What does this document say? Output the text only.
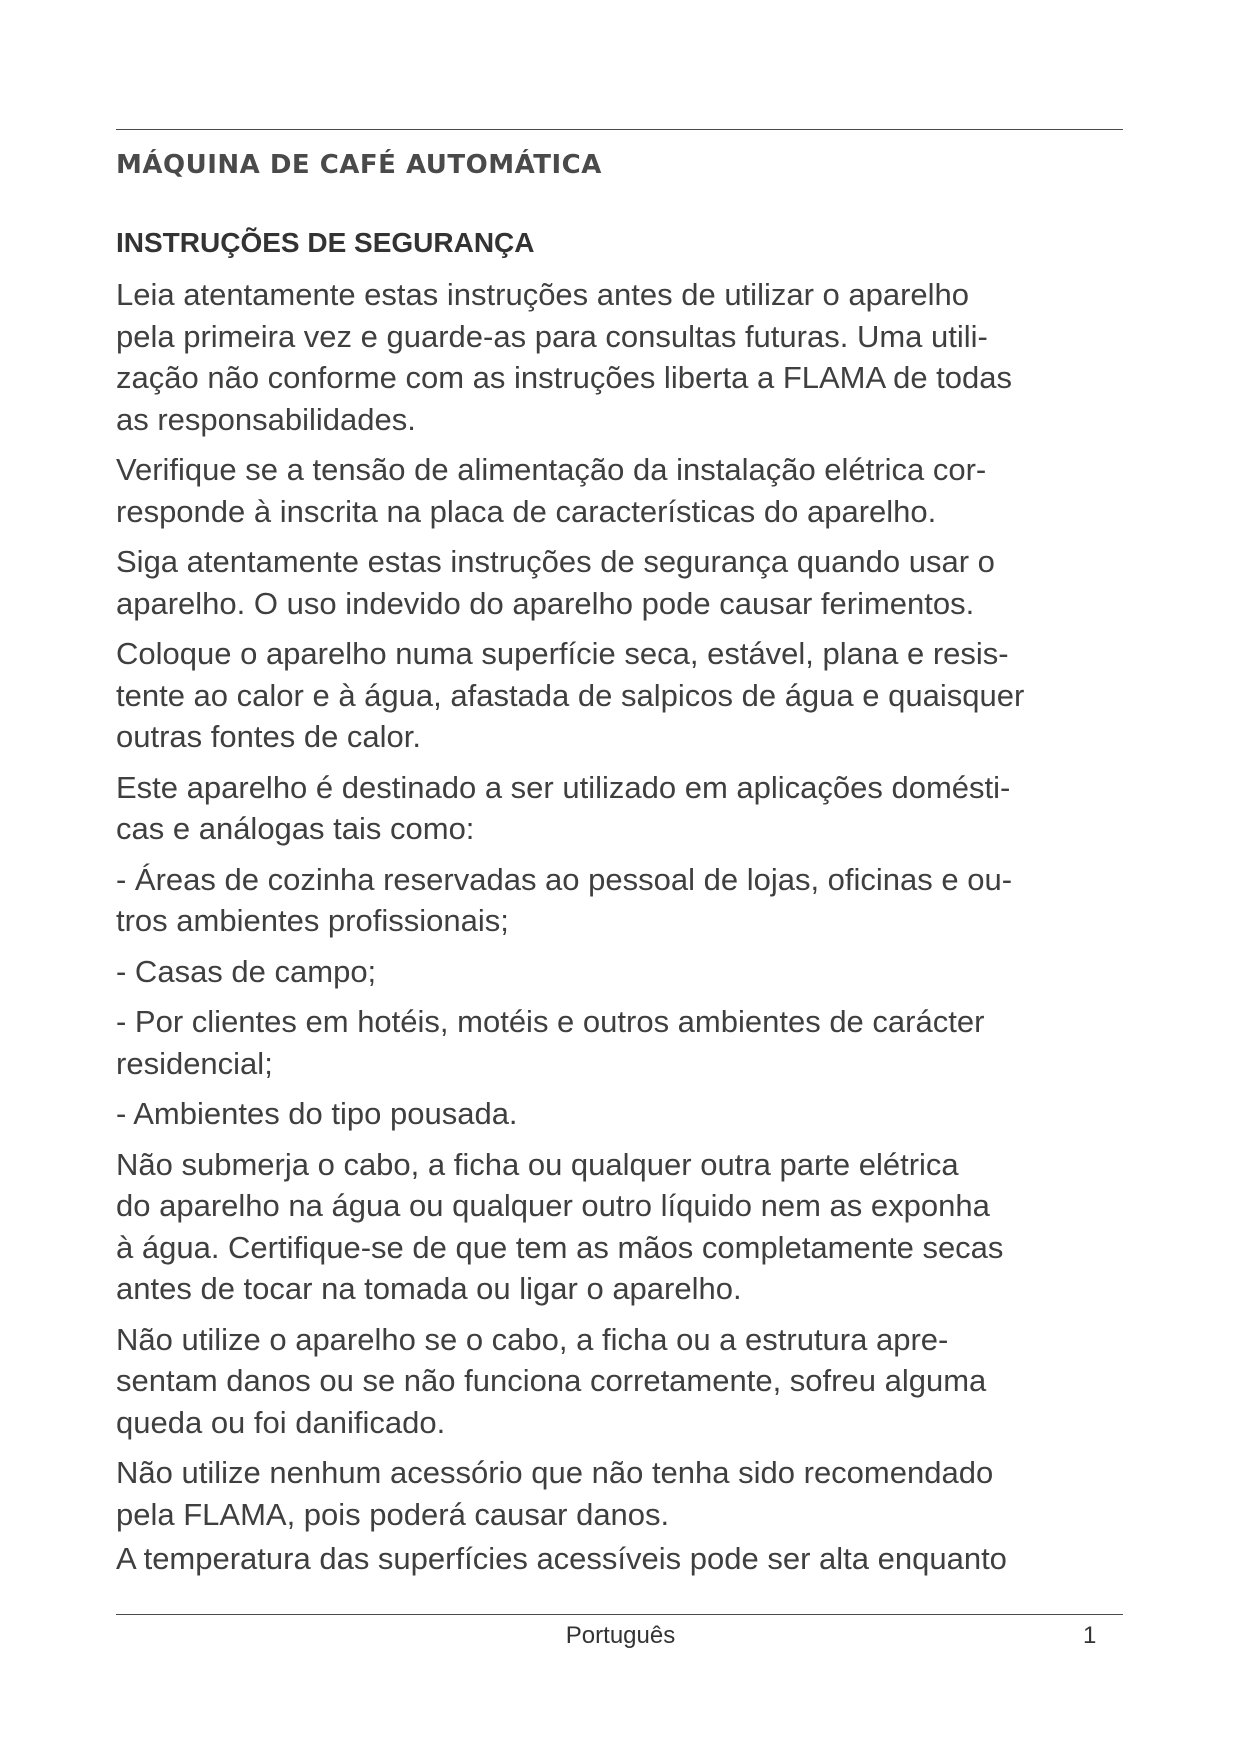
MÁQUINA DE CAFÉ AUTOMÁTICA
INSTRUÇÕES DE SEGURANÇA
Leia atentamente estas instruções antes de utilizar o aparelho
pela primeira vez e guarde-as para consultas futuras. Uma utili-
zação não conforme com as instruções liberta a FLAMA de todas
as responsabilidades.
Verifique se a tensão de alimentação da instalação elétrica cor-
responde à inscrita na placa de características do aparelho.
Siga atentamente estas instruções de segurança quando usar o
aparelho. O uso indevido do aparelho pode causar ferimentos.
Coloque o aparelho numa superfície seca, estável, plana e resis-
tente ao calor e à água, afastada de salpicos de água e quaisquer
outras fontes de calor.
Este aparelho é destinado a ser utilizado em aplicações domésti-
cas e análogas tais como:
- Áreas de cozinha reservadas ao pessoal de lojas, oficinas e ou-
tros ambientes profissionais;
- Casas de campo;
- Por clientes em hotéis, motéis e outros ambientes de carácter
residencial;
- Ambientes do tipo pousada.
Não submerja o cabo, a ficha ou qualquer outra parte elétrica
do aparelho na água ou qualquer outro líquido nem as exponha
à água. Certifique-se de que tem as mãos completamente secas
antes de tocar na tomada ou ligar o aparelho.
Não utilize o aparelho se o cabo, a ficha ou a estrutura apre-
sentam danos ou se não funciona corretamente, sofreu alguma
queda ou foi danificado.
Não utilize nenhum acessório que não tenha sido recomendado
pela FLAMA, pois poderá causar danos.
A temperatura das superfícies acessíveis pode ser alta enquanto
Português	1
